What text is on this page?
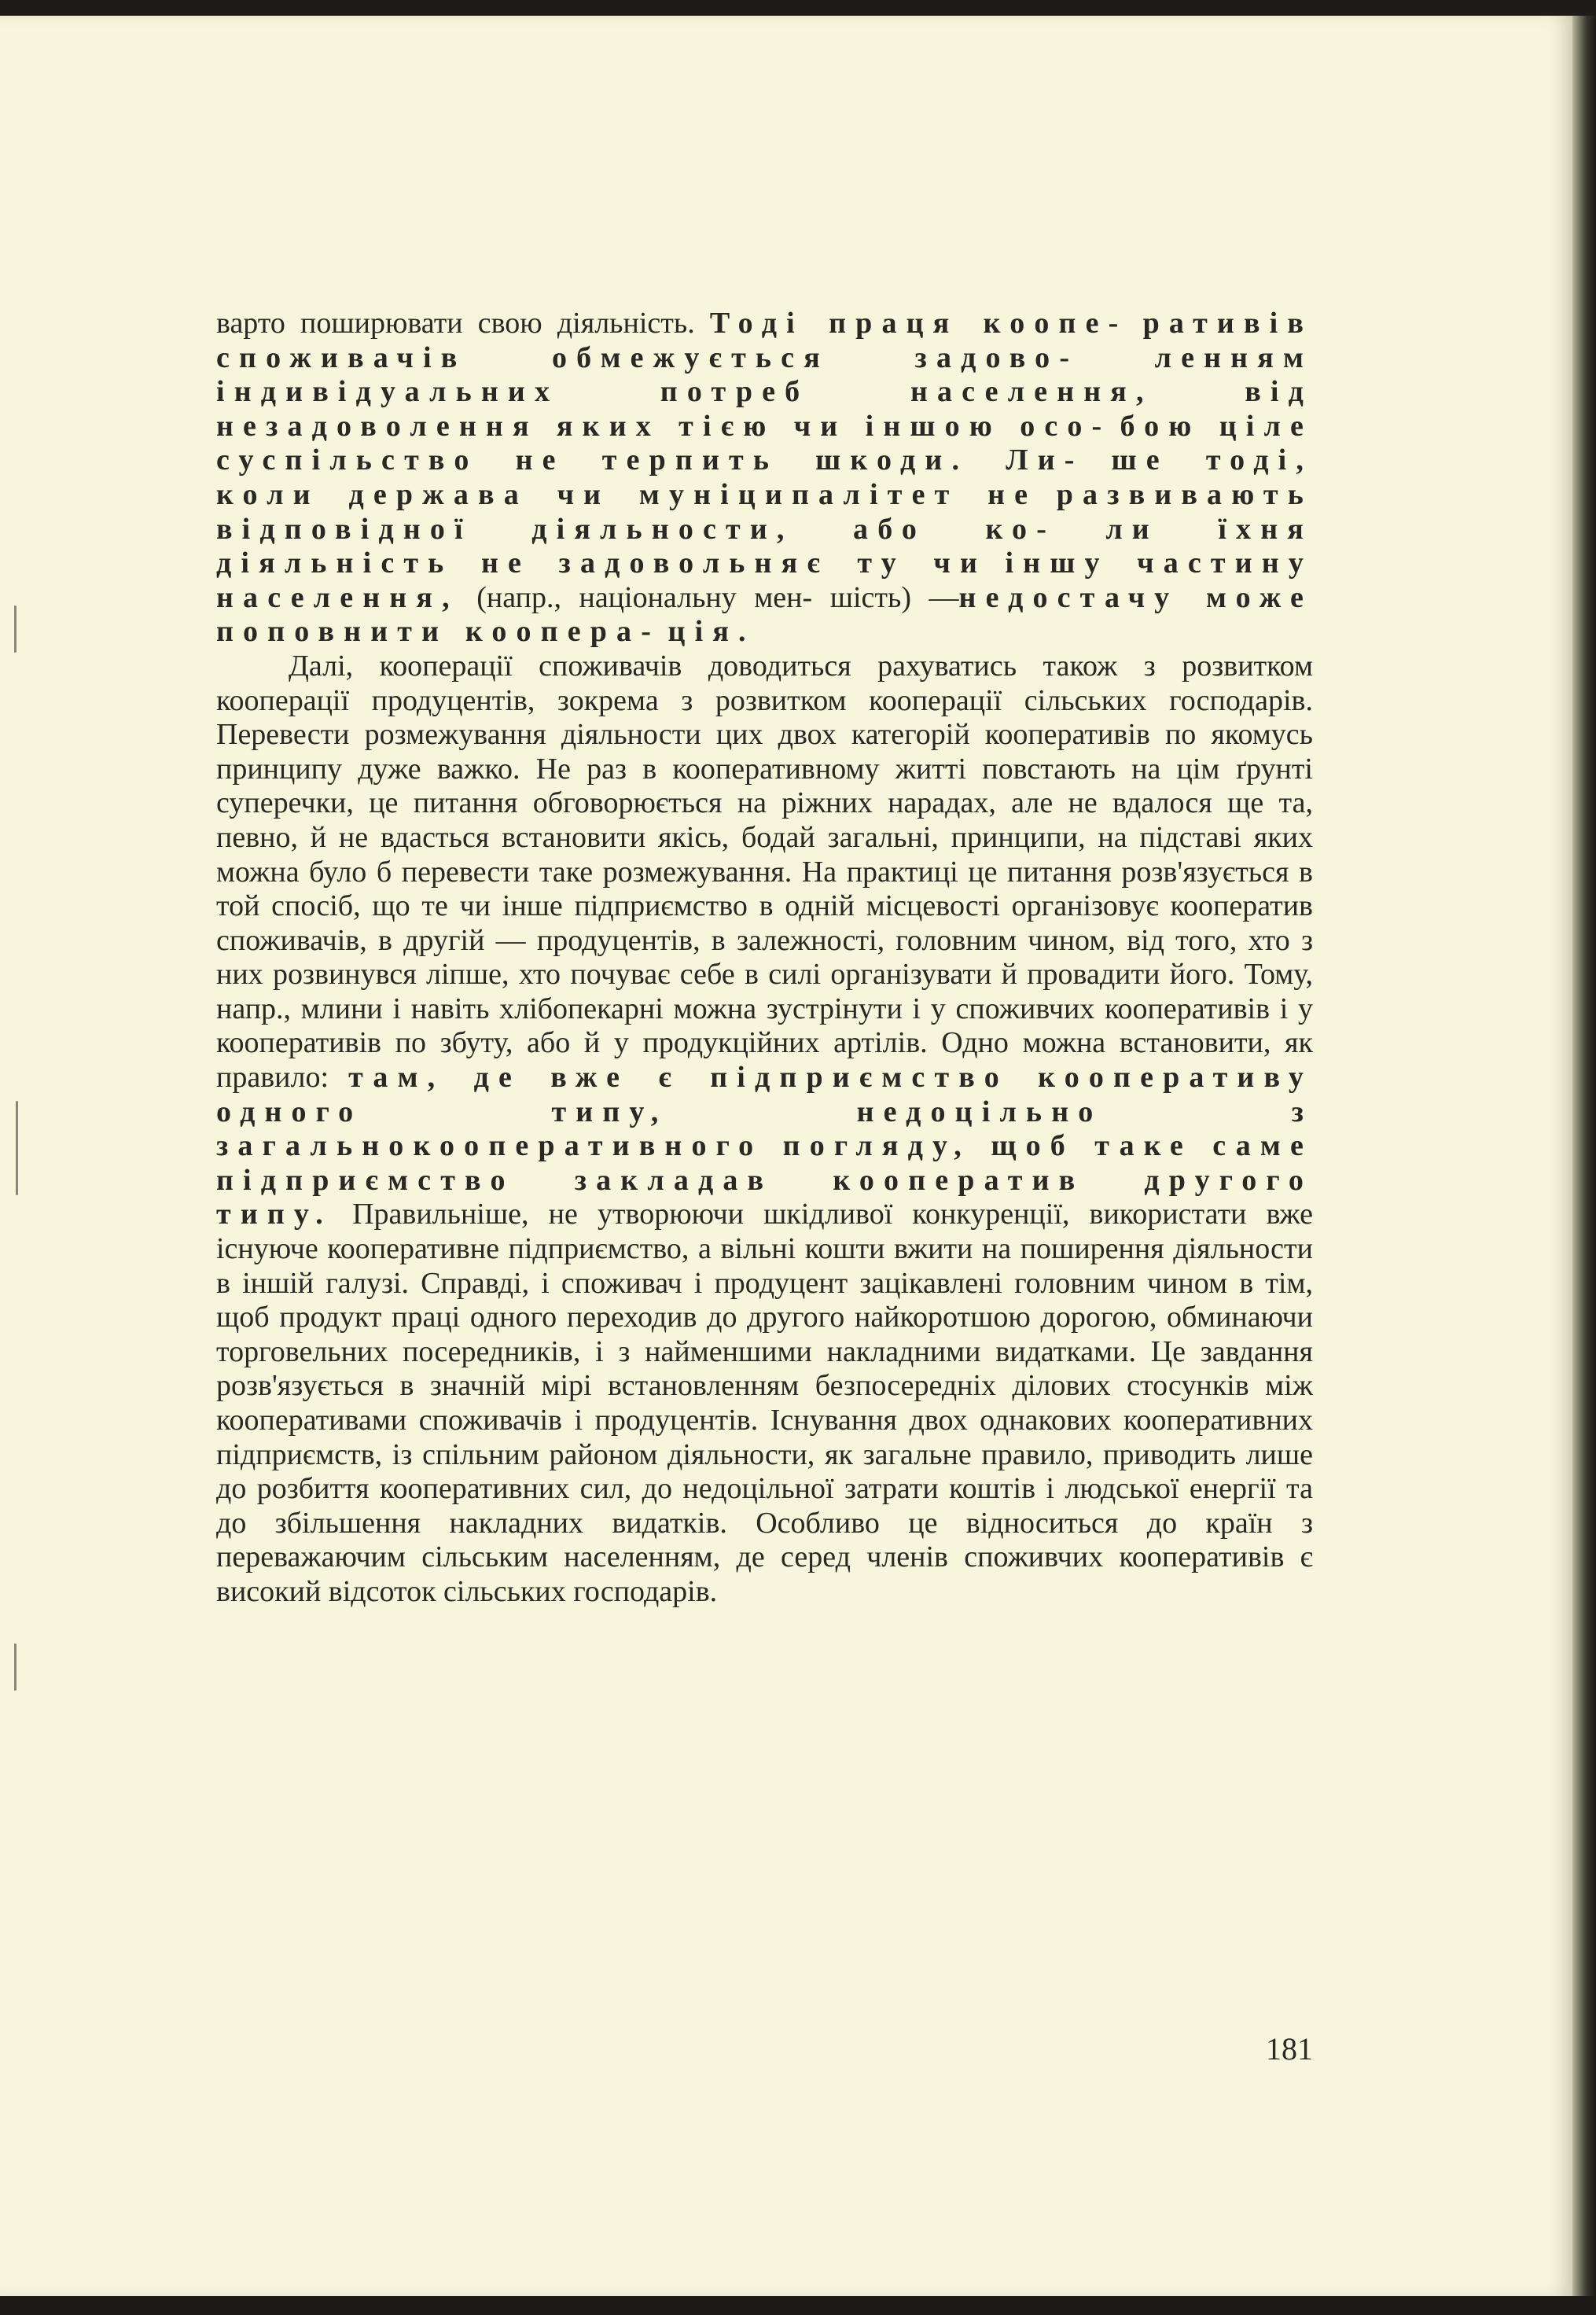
варто поширювати свою діяльність. Тоді праця коопе- ративів споживачів обмежується задово-	ленням індивідуальних потреб населення,	від незадоволення яких тією чи іншою осо- бою ціле суспільство не терпить шкоди. Ли- ше тоді, коли держава чи муніципалітет не развивають відповідної діяльности, або ко- ли їхня діяльність не задовольняє ту чи іншу частину населення, (напр., національну мен- шість) —недостачу може поповнити коопера- ція.

Далі, кооперації споживачів доводиться рахуватись також з розвитком кооперації продуцентів, зокрема з розвитком кооперації сільських господарів. Перевести розмежування діяльности цих двох категорій кооперативів по якомусь принципу дуже важко. Не раз в кооперативному житті повстають на цім ґрунті суперечки, це питання обговорюється на ріжних нарадах, але не вдалося ще та, певно, й не вдасться встановити якісь, бодай загальні, принципи, на підставі яких можна було б перевести таке розмежування. На практиці це питання розв'язується в той спосіб, що те чи інше підприємство в одній місцевості організовує кооператив споживачів, в другій — продуцентів, в залежності, головним чином, від того, хто з них розвинувся ліпше, хто почуває себе в силі організувати й провадити його. Тому, напр., млини і навіть хлібопекарні можна зустрінути і у споживчих кооперативів і у кооперативів по збуту, або й у продукційних артілів. Одно можна встановити, як правило: там, де вже є підприємство кооперативу одного типу, недоцільно з загальнокооперативного погляду, щоб таке саме підприємство закладав кооператив другого типу. Правильніше, не утворюючи шкідливої конкуренції, використати вже існуюче кооперативне підприємство, а вільні кошти вжити на поширення діяльности в іншій галузі. Справді, і споживач і продуцент зацікавлені головним чином в тім, щоб продукт праці одного переходив до другого найкоротшою дорогою, обминаючи торговельних посередників, і з найменшими накладними видатками. Це завдання розв'язується в значній мірі встановленням безпосередніх ділових стосунків між кооперативами споживачів і продуцентів. Існування двох однакових кооперативних підприємств, із спільним районом діяльности, як загальне правило, приводить лише до розбиття кооперативних сил, до недоцільної затрати коштів і людської енергії та до збільшення накладних видатків. Особливо це відноситься до країн з переважаючим сільським населенням, де серед членів споживчих кооперативів є високий відсоток сільських господарів.

181
